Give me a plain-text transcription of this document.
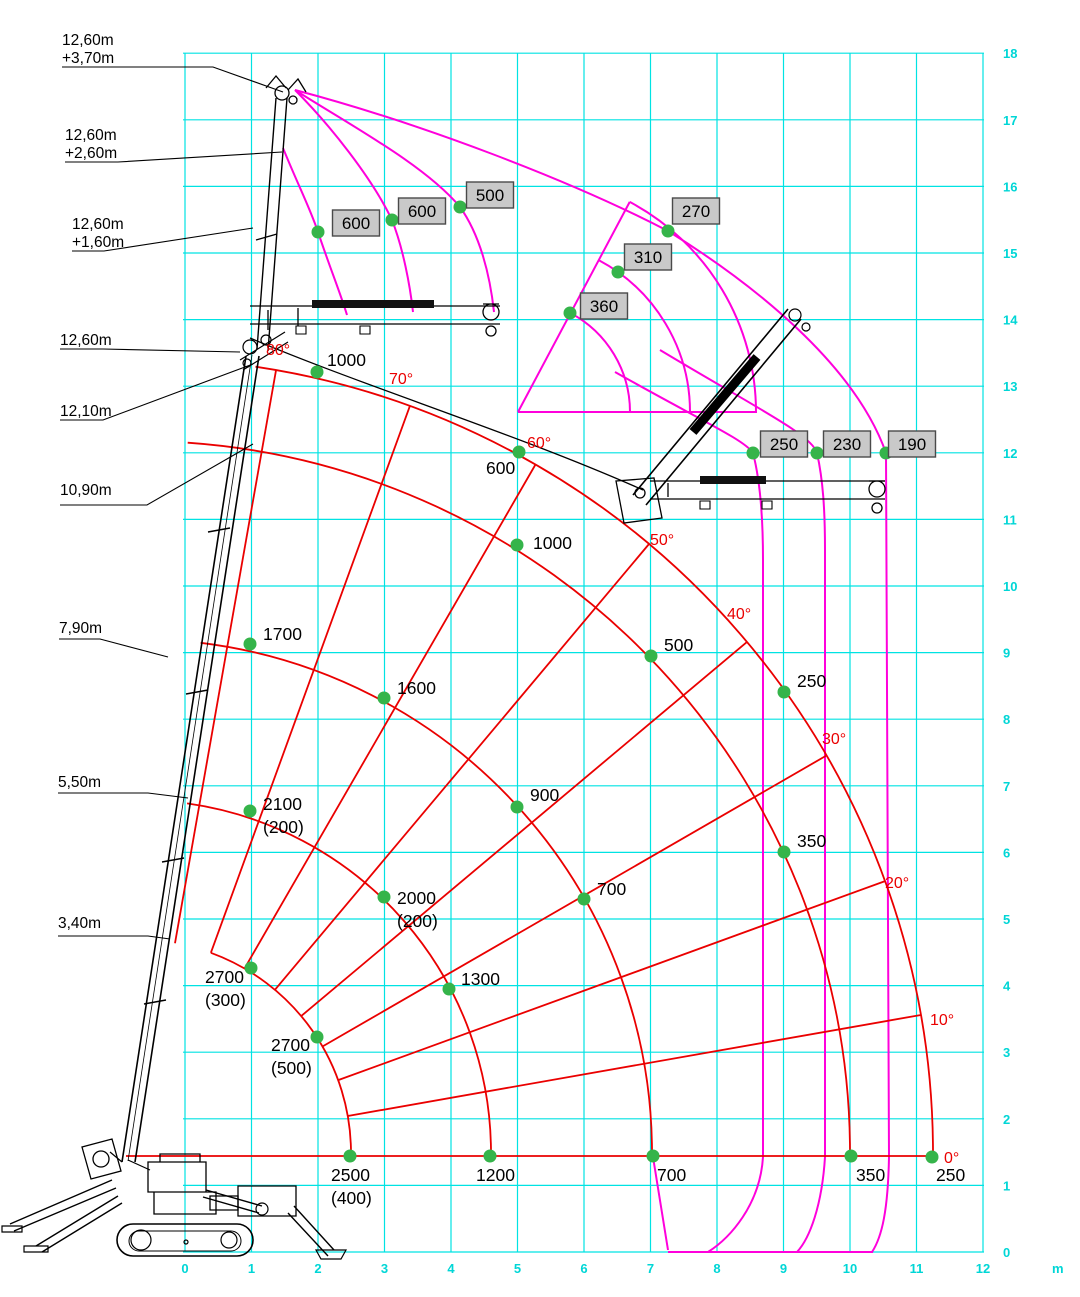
12,60m +3,70m
12,60m +2,60m
12,60m +1,60m
12,60m
12,10m
10,90m
7,90m
5,50m
3,40m
1000
600
1000
1700
1600
2100 (200)
900
2000 (200)
2700 (300)
1300
2700 (500)
2500 (400)
1200	700	350	250
700
500
250
350
600
600
500
270
310
360
250 230 190
80°
70°
60°
50°
40°
30°
20°
10°
0°
0	1	2	3	4	5	6	7	8	9	10	11	12	m
18
17
16
15
14
13
12
11
10
9
8
7
6
5
4
3
2
1
0
